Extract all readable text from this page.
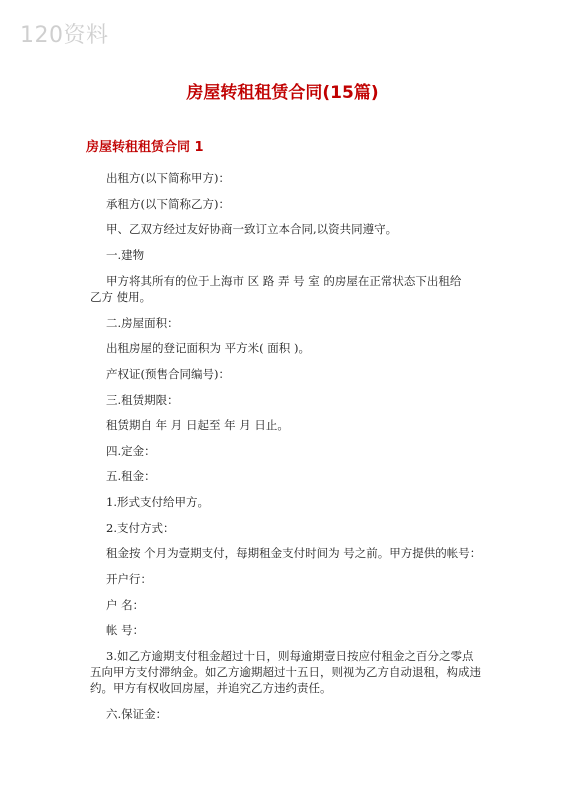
120资料
房屋转租租赁合同(15篇)
房屋转租租赁合同 1
出租方(以下简称甲方)：
承租方(以下简称乙方)：
甲、乙双方经过友好协商一致订立本合同,以资共同遵守。
一.建物
甲方将其所有的位于上海市 区 路 弄 号 室 的房屋在正常状态下出租给
乙方 使用。
二.房屋面积：
出租房屋的登记面积为 平方米( 面积 )。
产权证(预售合同编号)：
三.租赁期限：
租赁期自 年 月 日起至 年 月 日止。
四.定金：
五.租金：
1.形式支付给甲方。
2.支付方式：
租金按 个月为壹期支付，每期租金支付时间为 号之前。甲方提供的帐号：
开户行：
户 名：
帐 号：
3.如乙方逾期支付租金超过十日，则每逾期壹日按应付租金之百分之零点
五向甲方支付滞纳金。如乙方逾期超过十五日，则视为乙方自动退租，构成违
约。甲方有权收回房屋，并追究乙方违约责任。
六.保证金：
